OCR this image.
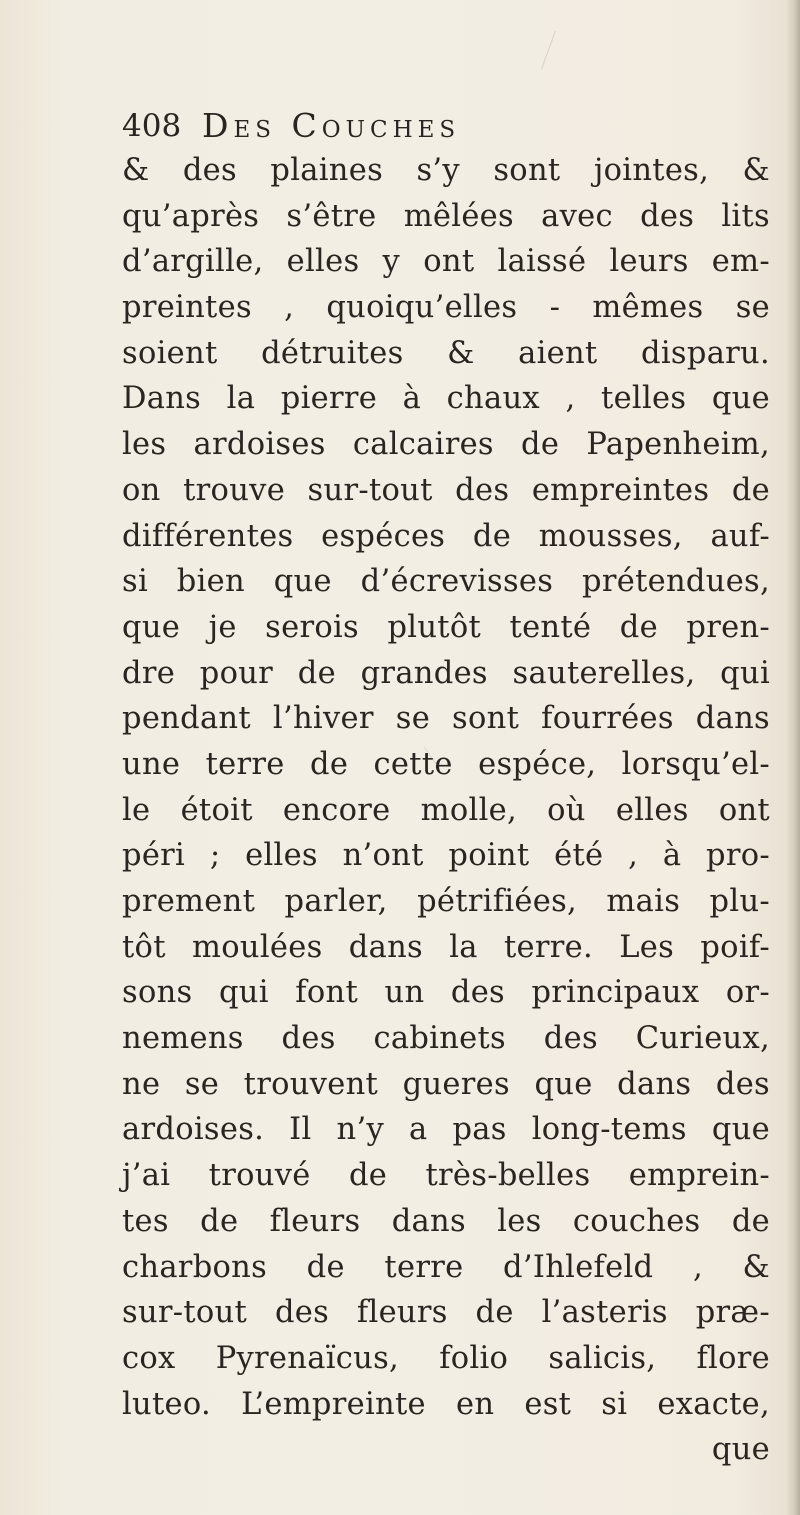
408 Des Couches
& des plaines s’y sont jointes, &
qu’après s’être mêlées avec des lits
d’argille, elles y ont laissé leurs em-
preintes , quoiqu’elles - mêmes se
soient détruites & aient disparu.
Dans la pierre à chaux , telles que
les ardoises calcaires de Papenheim,
on trouve sur-tout des empreintes de
différentes espéces de mousses, auf-
si bien que d’écrevisses prétendues,
que je serois plutôt tenté de pren-
dre pour de grandes sauterelles, qui
pendant l’hiver se sont fourrées dans
une terre de cette espéce, lorsqu’el-
le étoit encore molle, où elles ont
péri ; elles n’ont point été , à pro-
prement parler, pétrifiées, mais plu-
tôt moulées dans la terre. Les poif-
sons qui font un des principaux or-
nemens des cabinets des Curieux,
ne se trouvent gueres que dans des
ardoises. Il n’y a pas long-tems que
j’ai trouvé de très-belles emprein-
tes de fleurs dans les couches de
charbons de terre d’Ihlefeld , &
sur-tout des fleurs de l’asteris præ-
cox Pyrenaïcus, folio salicis, flore
luteo. L’empreinte en est si exacte,
que
